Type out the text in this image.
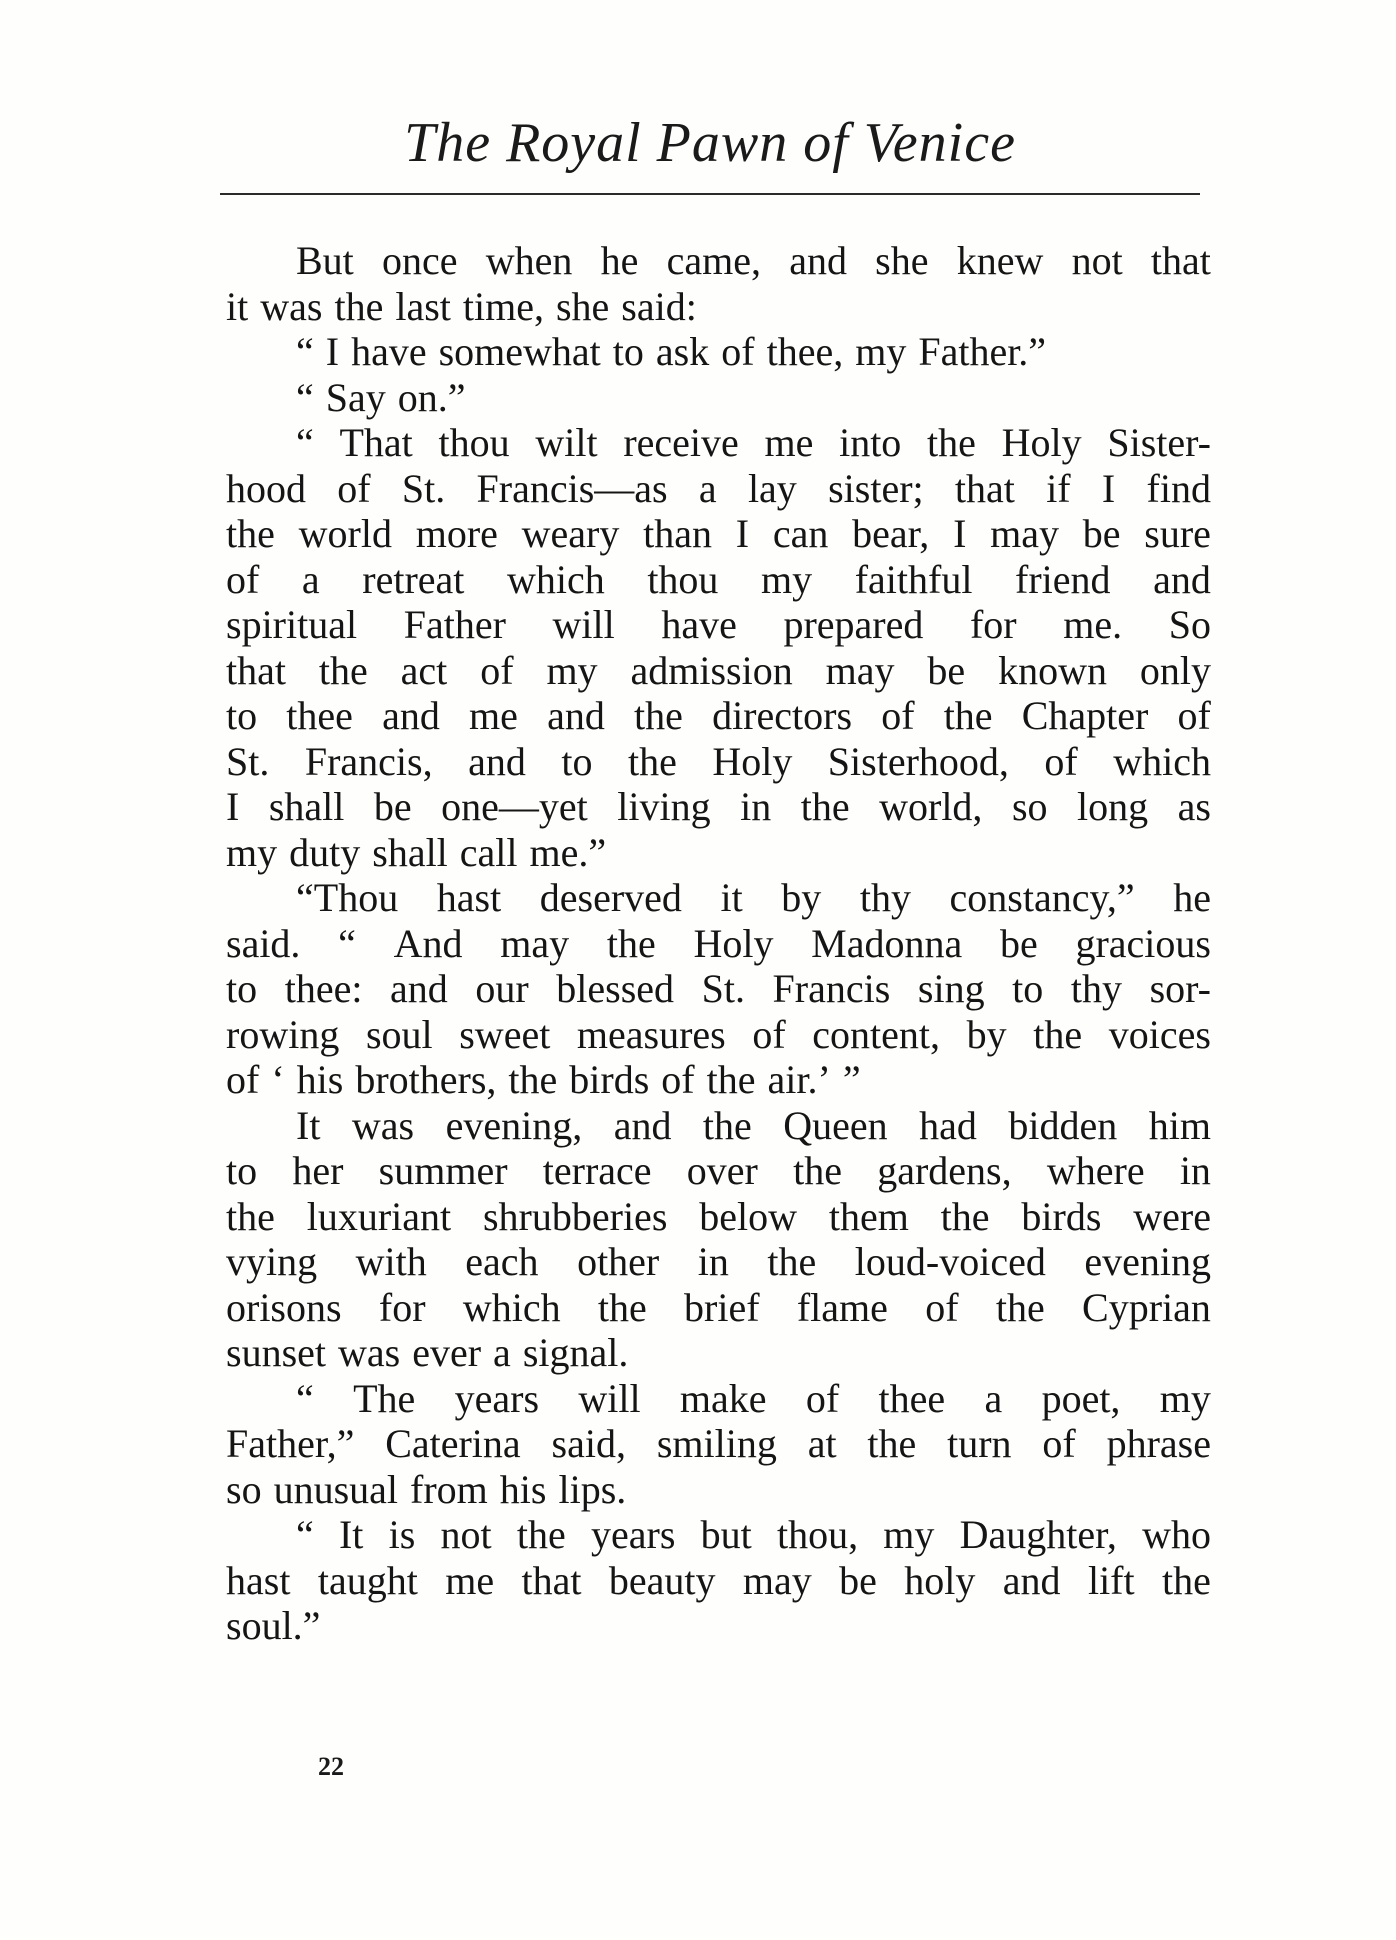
The Royal Pawn of Venice
But once when he came, and she knew not that
it was the last time, she said:
“ I have somewhat to ask of thee, my Father.”
“ Say on.”
“ That thou wilt receive me into the Holy Sister-
hood of St. Francis—as a lay sister; that if I find
the world more weary than I can bear, I may be sure
of a retreat which thou my faithful friend and
spiritual Father will have prepared for me. So
that the act of my admission may be known only
to thee and me and the directors of the Chapter of
St. Francis, and to the Holy Sisterhood, of which
I shall be one—yet living in the world, so long as
my duty shall call me.”
“Thou hast deserved it by thy constancy,” he
said. “ And may the Holy Madonna be gracious
to thee: and our blessed St. Francis sing to thy sor-
rowing soul sweet measures of content, by the voices
of ‘ his brothers, the birds of the air.’ ”
It was evening, and the Queen had bidden him
to her summer terrace over the gardens, where in
the luxuriant shrubberies below them the birds were
vying with each other in the loud-voiced evening
orisons for which the brief flame of the Cyprian
sunset was ever a signal.
“ The years will make of thee a poet, my
Father,” Caterina said, smiling at the turn of phrase
so unusual from his lips.
“ It is not the years but thou, my Daughter, who
hast taught me that beauty may be holy and lift the
soul.”
22
